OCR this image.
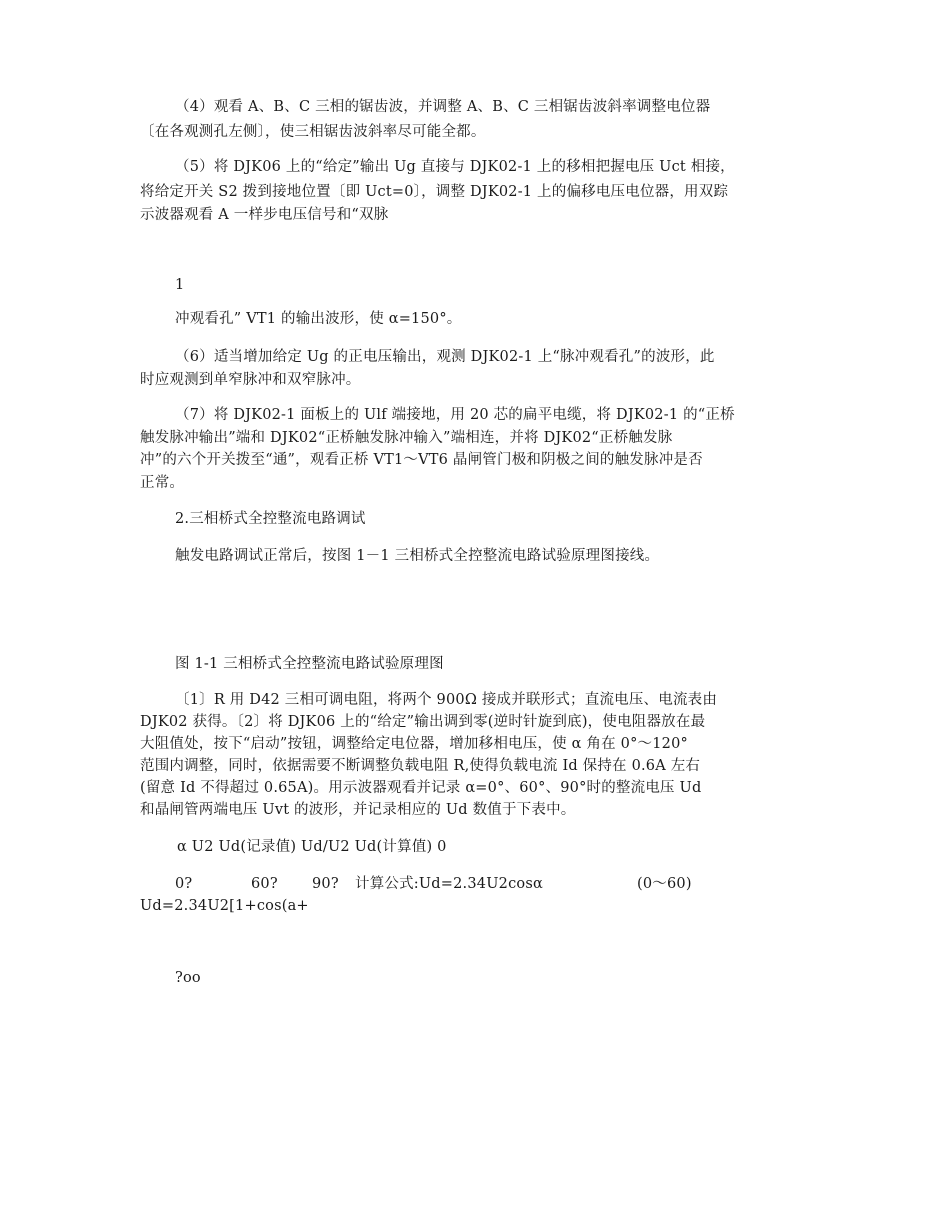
（4）观看 A、B、C 三相的锯齿波，并调整 A、B、C 三相锯齿波斜率调整电位器
〔在各观测孔左侧〕，使三相锯齿波斜率尽可能全都。
（5）将 DJK06 上的“给定”输出 Ug 直接与 DJK02-1 上的移相把握电压 Uct 相接，
将给定开关 S2 拨到接地位置〔即 Uct=0〕，调整 DJK02-1 上的偏移电压电位器，用双踪
示波器观看 A 一样步电压信号和“双脉
1
冲观看孔” VT1 的输出波形，使 α=150°。
（6）适当增加给定 Ug 的正电压输出，观测 DJK02-1 上“脉冲观看孔”的波形，此
时应观测到单窄脉冲和双窄脉冲。
（7）将 DJK02-1 面板上的 Ulf 端接地，用 20 芯的扁平电缆，将 DJK02-1 的“正桥
触发脉冲输出”端和 DJK02“正桥触发脉冲输入”端相连，并将 DJK02“正桥触发脉
冲”的六个开关拨至“通”，观看正桥 VT1～VT6 晶闸管门极和阴极之间的触发脉冲是否
正常。
2.三相桥式全控整流电路调试
触发电路调试正常后，按图 1－1 三相桥式全控整流电路试验原理图接线。
图 1-1 三相桥式全控整流电路试验原理图
〔1〕R 用 D42 三相可调电阻，将两个 900Ω 接成并联形式；直流电压、电流表由
DJK02 获得。〔2〕将 DJK06 上的“给定”输出调到零(逆时针旋到底)，使电阻器放在最
大阻值处，按下“启动”按钮，调整给定电位器，增加移相电压，使 α 角在 0°～120°
范围内调整，同时，依据需要不断调整负载电阻 R,使得负载电流 Id 保持在 0.6A 左右
(留意 Id 不得超过 0.65A)。用示波器观看并记录 α=0°、60°、90°时的整流电压 Ud
和晶闸管两端电压 Uvt 的波形，并记录相应的 Ud 数值于下表中。
α U2 Ud(记录值) Ud/U2 Ud(计算值) 0
0?	60? 90? 计算公式:Ud=2.34U2cosα	(0～60)
Ud=2.34U2[1+cos(a+
?oo
